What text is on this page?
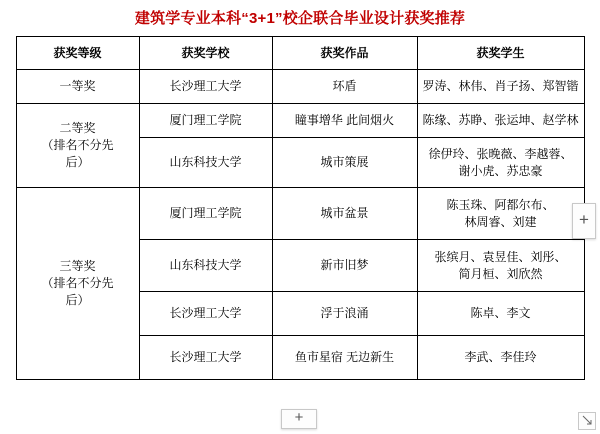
建筑学专业本科“3+1”校企联合毕业设计获奖推荐
获奖等级	获奖学校	获奖作品	获奖学生

一等奖	长沙理工大学	环盾	罗涛、林伟、肖子扬、郑智锴

二等奖
（排名不分先
后）	厦门理工学院	瞳事增华 此间烟火	陈缘、苏睁、张运坤、赵学林

	山东科技大学	城市策展	徐伊玲、张晚薇、李越蓉、
谢小虎、苏忠豪

三等奖
（排名不分先
后）	厦门理工学院	城市盆景	陈玉珠、阿都尔布、
林周睿、刘建

	山东科技大学	新市旧梦	张缤月、袁昱佳、刘彤、
简月桓、刘欣然

	长沙理工大学	浮于浪涌	陈卓、李文

	长沙理工大学	鱼市星宿 无边新生	李武、李佳玲
+
+
